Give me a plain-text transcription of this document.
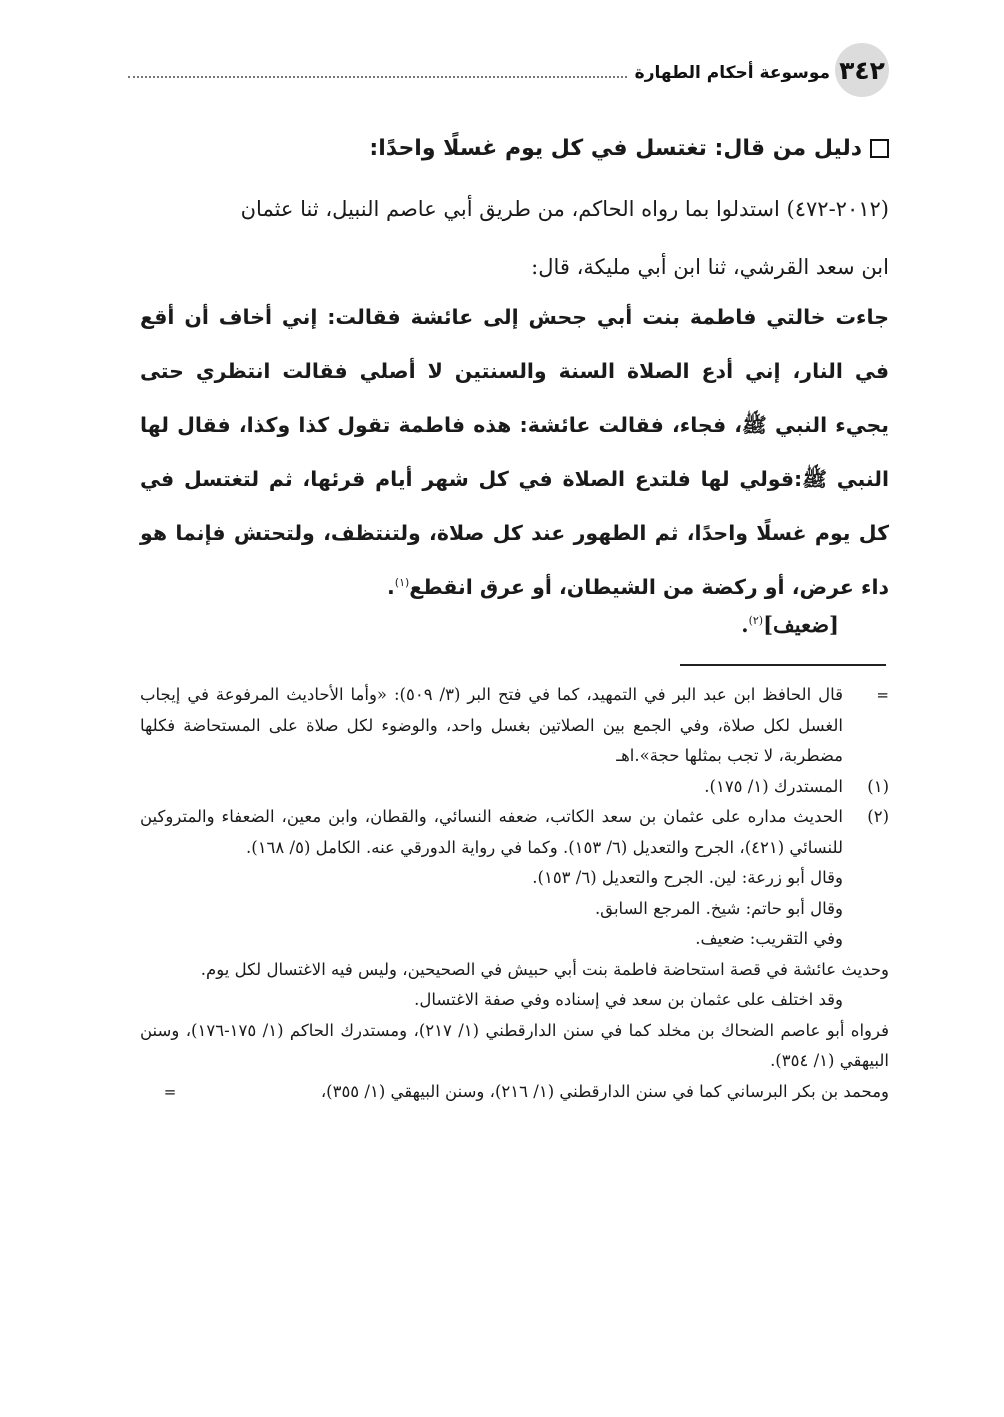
٣٤٢
موسوعة أحكام الطهارة
دليل من قال: تغتسل في كل يوم غسلًا واحدًا:
(٢٠١٢-٤٧٢) استدلوا بما رواه الحاكم، من طريق أبي عاصم النبيل، ثنا عثمان
ابن سعد القرشي، ثنا ابن أبي مليكة، قال:
جاءت خالتي فاطمة بنت أبي جحش إلى عائشة فقالت: إني أخاف أن أقع في النار، إني أدع الصلاة السنة والسنتين لا أصلي فقالت انتظري حتى يجيء النبي ﷺ، فجاء، فقالت عائشة: هذه فاطمة تقول كذا وكذا، فقال لها النبي ﷺ:قولي لها فلتدع الصلاة في كل شهر أيام قرئها، ثم لتغتسل في كل يوم غسلًا واحدًا، ثم الطهور عند كل صلاة، ولتنتظف، ولتحتش فإنما هو داء عرض، أو ركضة من الشيطان، أو عرق انقطع$^{(١)}$.
[ضعيف]$^{(٢)}$.
=
قال الحافظ ابن عبد البر في التمهيد، كما في فتح البر (٣/ ٥٠٩): «وأما الأحاديث المرفوعة في إيجاب الغسل لكل صلاة، وفي الجمع بين الصلاتين بغسل واحد، والوضوء لكل صلاة على المستحاضة فكلها مضطربة، لا تجب بمثلها حجة».اهـ
(١)
المستدرك (١/ ١٧٥).
(٢)
الحديث مداره على عثمان بن سعد الكاتب، ضعفه النسائي، والقطان، وابن معين، الضعفاء والمتروكين للنسائي (٤٢١)، الجرح والتعديل (٦/ ١٥٣). وكما في رواية الدورقي عنه. الكامل (٥/ ١٦٨).
وقال أبو زرعة: لين. الجرح والتعديل (٦/ ١٥٣).
وقال أبو حاتم: شيخ. المرجع السابق.
وفي التقريب: ضعيف.
وحديث عائشة في قصة استحاضة فاطمة بنت أبي حبيش في الصحيحين، وليس فيه الاغتسال لكل يوم.
وقد اختلف على عثمان بن سعد في إسناده وفي صفة الاغتسال.
فرواه أبو عاصم الضحاك بن مخلد كما في سنن الدارقطني (١/ ٢١٧)، ومستدرك الحاكم (١/ ١٧٥-١٧٦)، وسنن البيهقي (١/ ٣٥٤).
ومحمد بن بكر البرساني كما في سنن الدارقطني (١/ ٢١٦)، وسنن البيهقي (١/ ٣٥٥)،
=
